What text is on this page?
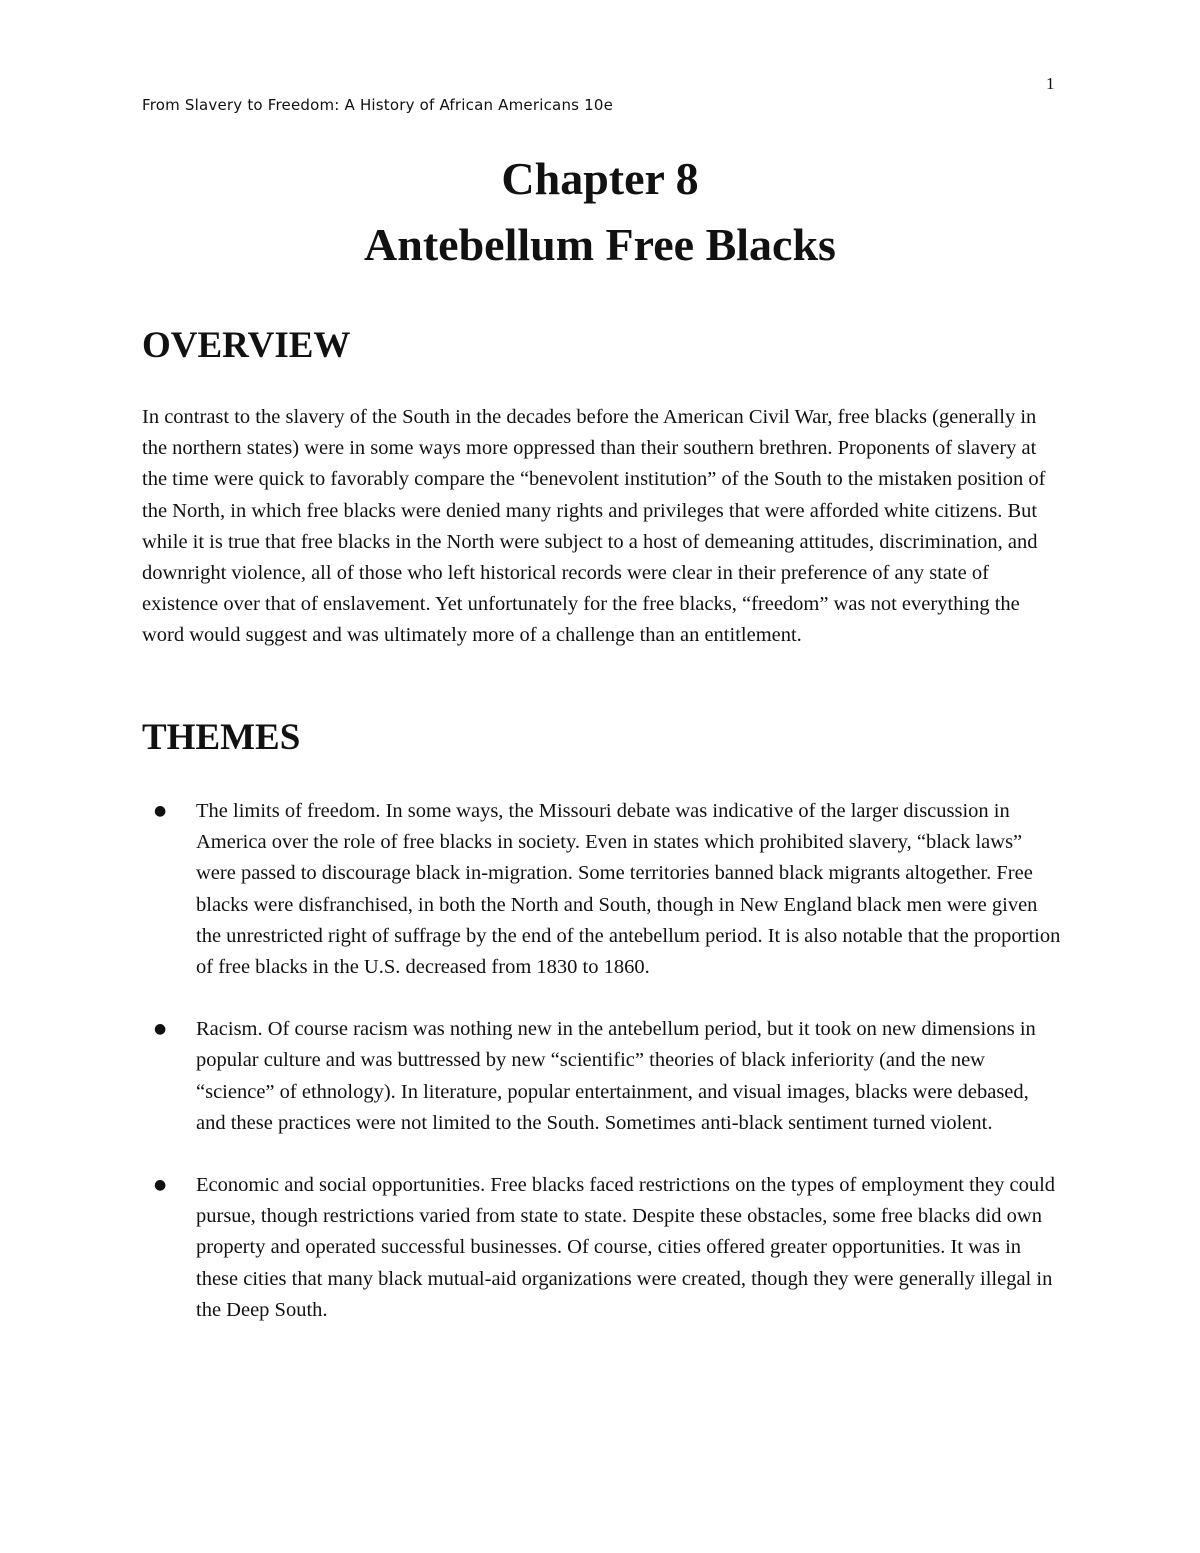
1
From Slavery to Freedom: A History of African Americans 10e
Chapter 8
Antebellum Free Blacks
OVERVIEW

In contrast to the slavery of the South in the decades before the American Civil War, free blacks (generally in the northern states) were in some ways more oppressed than their southern brethren. Proponents of slavery at the time were quick to favorably compare the “benevolent institution” of the South to the mistaken position of the North, in which free blacks were denied many rights and privileges that were afforded white citizens. But while it is true that free blacks in the North were subject to a host of demeaning attitudes, discrimination, and downright violence, all of those who left historical records were clear in their preference of any state of existence over that of enslavement. Yet unfortunately for the free blacks, “freedom” was not everything the word would suggest and was ultimately more of a challenge than an entitlement.

THEMES
● The limits of freedom. In some ways, the Missouri debate was indicative of the larger discussion in America over the role of free blacks in society. Even in states which prohibited slavery, “black laws” were passed to discourage black in-migration. Some territories banned black migrants altogether. Free blacks were disfranchised, in both the North and South, though in New England black men were given the unrestricted right of suffrage by the end of the antebellum period. It is also notable that the proportion of free blacks in the U.S. decreased from 1830 to 1860.
● Racism. Of course racism was nothing new in the antebellum period, but it took on new dimensions in popular culture and was buttressed by new “scientific” theories of black inferiority (and the new “science” of ethnology). In literature, popular entertainment, and visual images, blacks were debased, and these practices were not limited to the South. Sometimes anti-black sentiment turned violent.
● Economic and social opportunities. Free blacks faced restrictions on the types of employment they could pursue, though restrictions varied from state to state. Despite these obstacles, some free blacks did own property and operated successful businesses. Of course, cities offered greater opportunities. It was in these cities that many black mutual-aid organizations were created, though they were generally illegal in the Deep South.
